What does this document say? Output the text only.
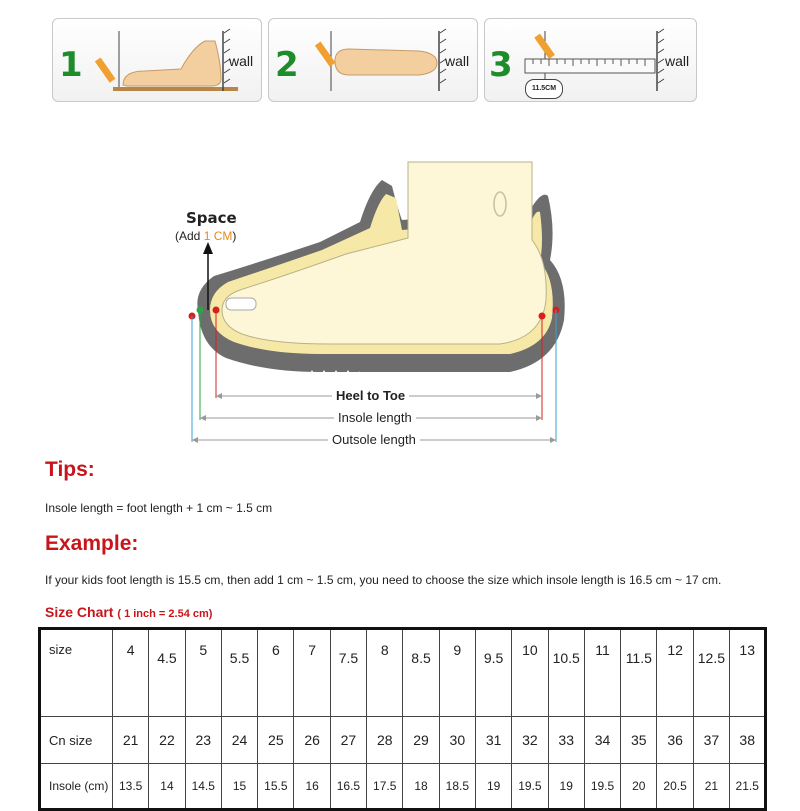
1	wall 2	wall 3	wall
11.5CM
Space
(Add 1 CM)
Heel to Toe
Insole length
Outsole length
Tips:
Insole length = foot length + 1 cm ~ 1.5 cm
Example:
If your kids foot length is 15.5 cm, then add 1 cm ~ 1.5 cm, you need to choose the size which insole length is 16.5 cm ~ 17 cm.
Size Chart ( 1 inch = 2.54 cm)
size	4	4.5	5	5.5	6	7	7.5	8	8.5	9	9.5	10	10.5	11	11.5	12	12.5	13
Cn size	21	22	23	24	25	26	27	28	29	30	31	32	33	34	35	36	37	38
Insole (cm)	13.5	14	14.5	15	15.5	16	16.5	17.5	18	18.5	19	19.5	19	19.5	20	20.5	21	21.5
